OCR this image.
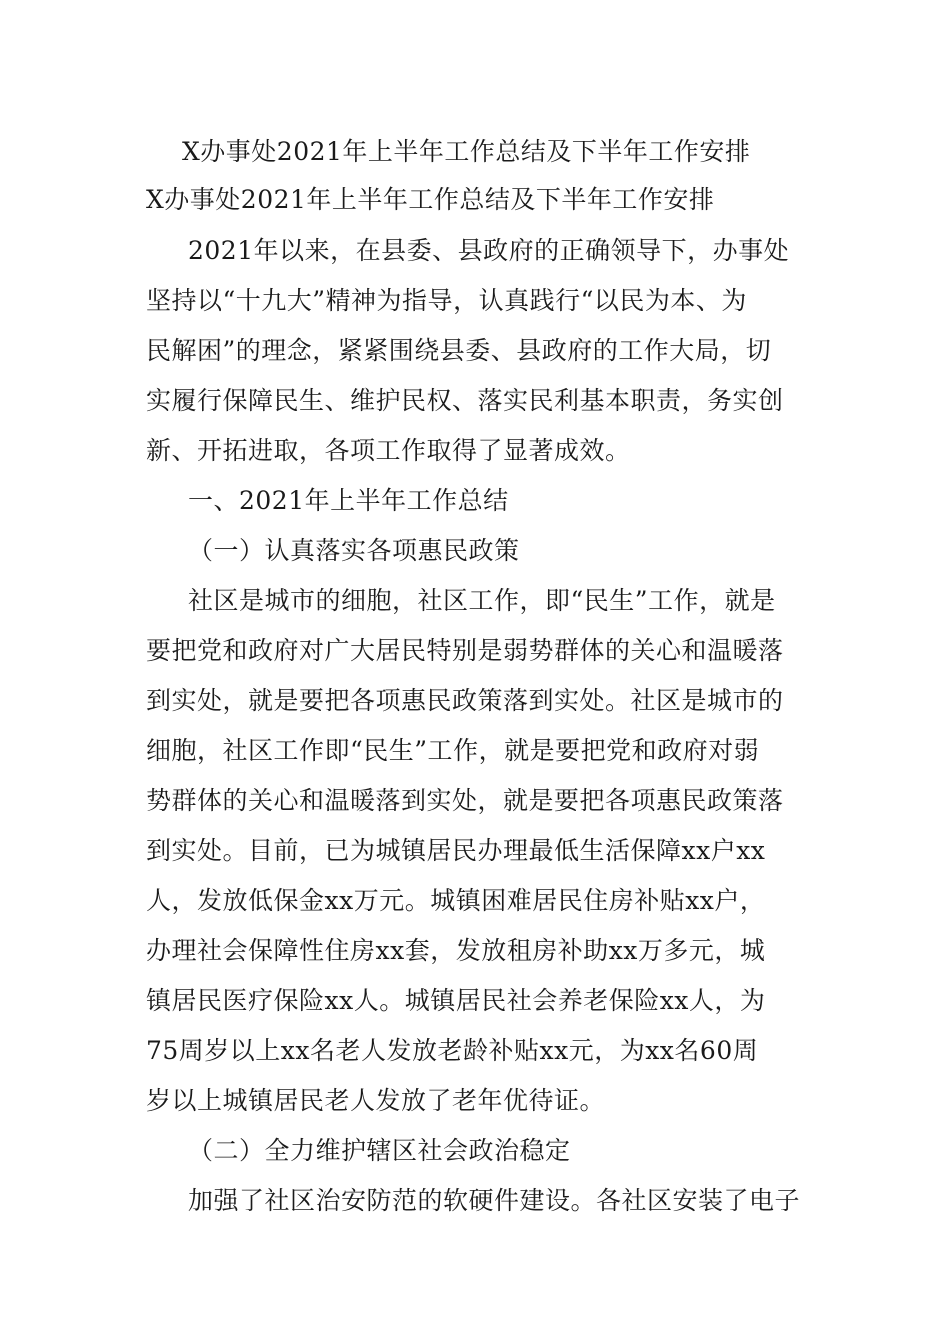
X办事处2021年上半年工作总结及下半年工作安排
X办事处2021年上半年工作总结及下半年工作安排
2021年以来，在县委、县政府的正确领导下，办事处
坚持以“十九大”精神为指导，认真践行“以民为本、为
民解困”的理念，紧紧围绕县委、县政府的工作大局，切
实履行保障民生、维护民权、落实民利基本职责，务实创
新、开拓进取，各项工作取得了显著成效。
一、2021年上半年工作总结
（一）认真落实各项惠民政策
社区是城市的细胞，社区工作，即“民生”工作，就是
要把党和政府对广大居民特别是弱势群体的关心和温暖落
到实处，就是要把各项惠民政策落到实处。社区是城市的
细胞，社区工作即“民生”工作，就是要把党和政府对弱
势群体的关心和温暖落到实处，就是要把各项惠民政策落
到实处。目前，已为城镇居民办理最低生活保障xx户xx
人，发放低保金xx万元。城镇困难居民住房补贴xx户，
办理社会保障性住房xx套，发放租房补助xx万多元，城
镇居民医疗保险xx人。城镇居民社会养老保险xx人，为
75周岁以上xx名老人发放老龄补贴xx元，为xx名60周
岁以上城镇居民老人发放了老年优待证。
（二）全力维护辖区社会政治稳定
加强了社区治安防范的软硬件建设。各社区安装了电子
